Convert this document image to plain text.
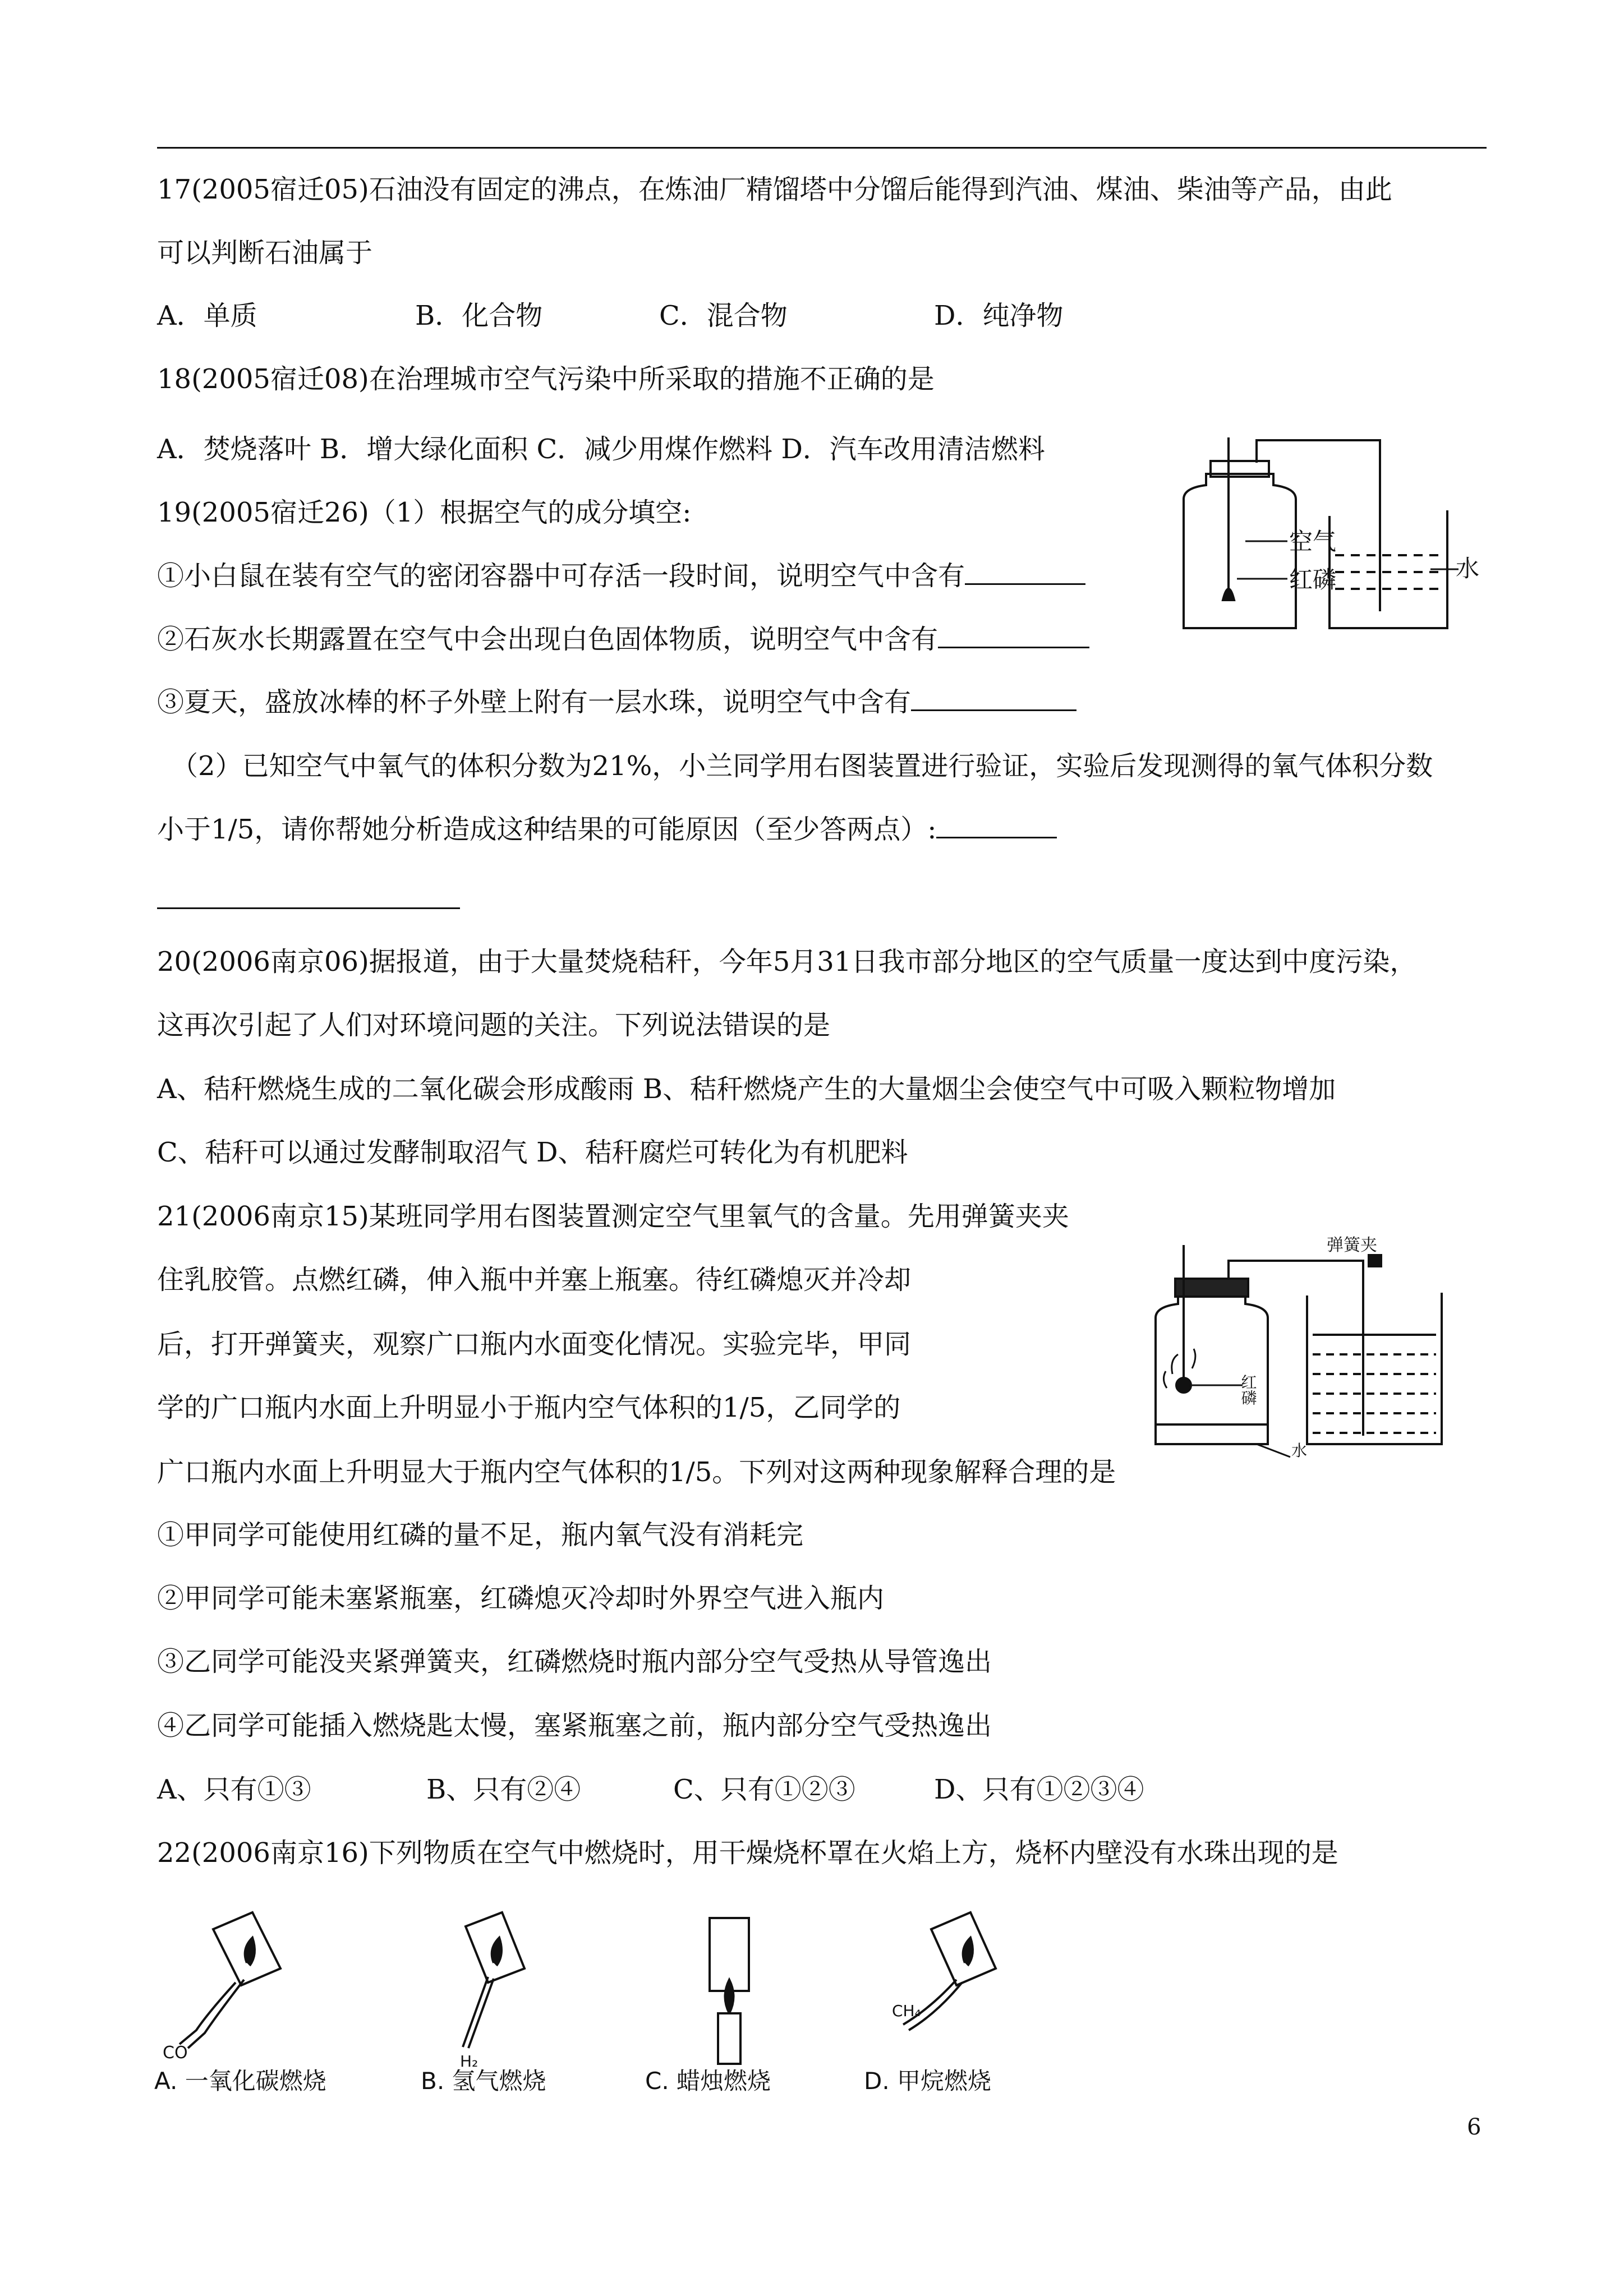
17(2005宿迁05)石油没有固定的沸点，在炼油厂精馏塔中分馏后能得到汽油、煤油、柴油等产品，由此
可以判断石油属于
A．单质	B．化合物	C．混合物	D．纯净物
18(2005宿迁08)在治理城市空气污染中所采取的措施不正确的是
A．焚烧落叶 B．增大绿化面积 C．减少用煤作燃料 D．汽车改用清洁燃料
19(2005宿迁26)（1）根据空气的成分填空:
①小白鼠在装有空气的密闭容器中可存活一段时间，说明空气中含有
②石灰水长期露置在空气中会出现白色固体物质，说明空气中含有
③夏天，盛放冰棒的杯子外壁上附有一层水珠，说明空气中含有
（2）已知空气中氧气的体积分数为21%，小兰同学用右图装置进行验证，实验后发现测得的氧气体积分数
小于1/5，请你帮她分析造成这种结果的可能原因（至少答两点）:
空气
红磷	水
20(2006南京06)据报道，由于大量焚烧秸秆，今年5月31日我市部分地区的空气质量一度达到中度污染，
这再次引起了人们对环境问题的关注。下列说法错误的是
A、秸秆燃烧生成的二氧化碳会形成酸雨 B、秸秆燃烧产生的大量烟尘会使空气中可吸入颗粒物增加
C、秸秆可以通过发酵制取沼气 D、秸秆腐烂可转化为有机肥料
21(2006南京15)某班同学用右图装置测定空气里氧气的含量。先用弹簧夹夹
住乳胶管。点燃红磷，伸入瓶中并塞上瓶塞。待红磷熄灭并冷却
后，打开弹簧夹，观察广口瓶内水面变化情况。实验完毕，甲同
学的广口瓶内水面上升明显小于瓶内空气体积的1/5，乙同学的
广口瓶内水面上升明显大于瓶内空气体积的1/5。下列对这两种现象解释合理的是
①甲同学可能使用红磷的量不足，瓶内氧气没有消耗完
②甲同学可能未塞紧瓶塞，红磷熄灭冷却时外界空气进入瓶内
③乙同学可能没夹紧弹簧夹，红磷燃烧时瓶内部分空气受热从导管逸出
④乙同学可能插入燃烧匙太慢，塞紧瓶塞之前，瓶内部分空气受热逸出
A、只有①③	B、只有②④	C、只有①②③	D、只有①②③④
弹簧夹
红磷
水
22(2006南京16)下列物质在空气中燃烧时，用干燥烧杯罩在火焰上方，烧杯内壁没有水珠出现的是
CO
A. 一氧化碳燃烧
H₂
B. 氢气燃烧	C. 蜡烛燃烧
CH₄
D. 甲烷燃烧
6
